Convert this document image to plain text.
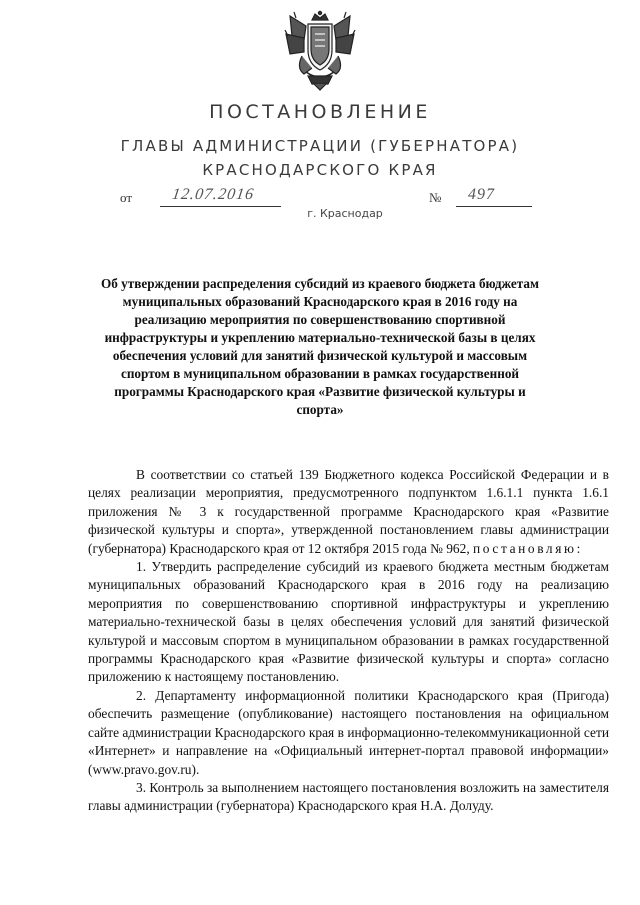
ПОСТАНОВЛЕНИЕ
ГЛАВЫ АДМИНИСТРАЦИИ (ГУБЕРНАТОРА)
КРАСНОДАРСКОГО КРАЯ
от 12.07.2016	№ 497
г. Краснодар
Об утверждении распределения субсидий из краевого бюджета бюджетам муниципальных образований Краснодарского края в 2016 году на реализацию мероприятия по совершенствованию спортивной инфраструктуры и укреплению материально-технической базы в целях обеспечения условий для занятий физической культурой и массовым спортом в муниципальном образовании в рамках государственной программы Краснодарского края «Развитие физической культуры и спорта»

В соответствии со статьей 139 Бюджетного кодекса Российской Федерации и в целях реализации мероприятия, предусмотренного подпунктом 1.6.1.1 пункта 1.6.1 приложения № 3 к государственной программе Краснодарского края «Развитие физической культуры и спорта», утвержденной постановлением главы администрации (губернатора) Краснодарского края от 12 октября 2015 года № 962, постановляю:

1. Утвердить распределение субсидий из краевого бюджета местным бюджетам муниципальных образований Краснодарского края в 2016 году на реализацию мероприятия по совершенствованию спортивной инфраструктуры и укреплению материально-технической базы в целях обеспечения условий для занятий физической культурой и массовым спортом в муниципальном образовании в рамках государственной программы Краснодарского края «Развитие физической культуры и спорта» согласно приложению к настоящему постановлению.

2. Департаменту информационной политики Краснодарского края (Пригода) обеспечить размещение (опубликование) настоящего постановления на официальном сайте администрации Краснодарского края в информационно-телекоммуникационной сети «Интернет» и направление на «Официальный интернет-портал правовой информации» (www.pravo.gov.ru).

3. Контроль за выполнением настоящего постановления возложить на заместителя главы администрации (губернатора) Краснодарского края Н.А. Долуду.
